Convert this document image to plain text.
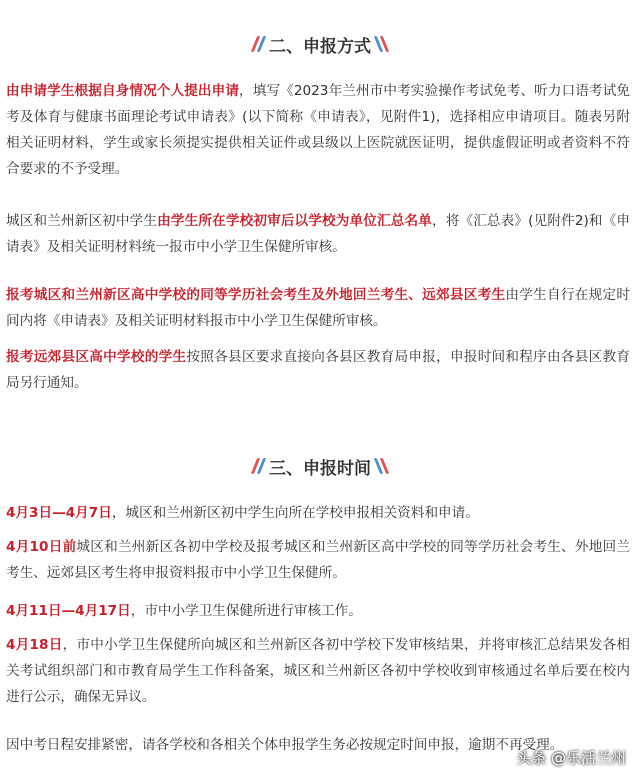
二、申报方式

由申请学生根据自身情况个人提出申请，填写《2023年兰州市中考实验操作考试免考、听力口语考试免考及体育与健康书面理论考试申请表》(以下简称《申请表》，见附件1)，选择相应申请项目。随表另附相关证明材料，学生或家长须提实提供相关证件或县级以上医院就医证明，提供虚假证明或者资料不符合要求的不予受理。

城区和兰州新区初中学生由学生所在学校初审后以学校为单位汇总名单，将《汇总表》(见附件2)和《申请表》及相关证明材料统一报市中小学卫生保健所审核。

报考城区和兰州新区高中学校的同等学历社会考生及外地回兰考生、远郊县区考生由学生自行在规定时间内将《申请表》及相关证明材料报市中小学卫生保健所审核。

报考远郊县区高中学校的学生按照各县区要求直接向各县区教育局申报，申报时间和程序由各县区教育局另行通知。

三、申报时间

4月3日—4月7日，城区和兰州新区初中学生向所在学校申报相关资料和申请。

4月10日前城区和兰州新区各初中学校及报考城区和兰州新区高中学校的同等学历社会考生、外地回兰考生、远郊县区考生将申报资料报市中小学卫生保健所。

4月11日—4月17日，市中小学卫生保健所进行审核工作。

4月18日，市中小学卫生保健所向城区和兰州新区各初中学校下发审核结果，并将审核汇总结果发各相关考试组织部门和市教育局学生工作科备案，城区和兰州新区各初中学校收到审核通过名单后要在校内进行公示，确保无异议。

因中考日程安排紧密，请各学校和各相关个体申报学生务必按规定时间申报，逾期不再受理。

头条 @乐活兰州
